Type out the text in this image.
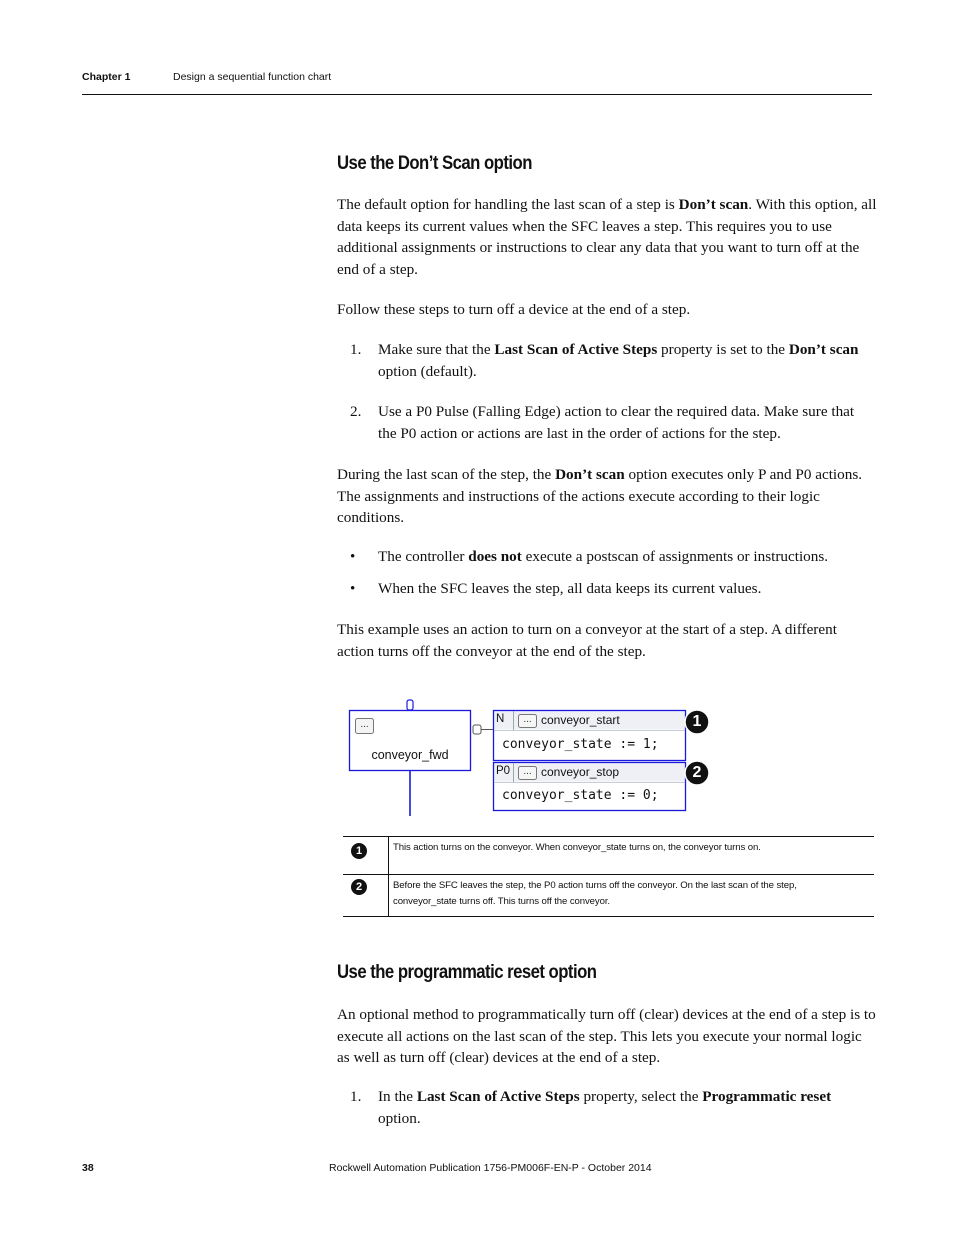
Chapter 1	Design a sequential function chart
Use the Don’t Scan option
The default option for handling the last scan of a step is Don’t scan. With this option, all data keeps its current values when the SFC leaves a step. This requires you to use additional assignments or instructions to clear any data that you want to turn off at the end of a step.
Follow these steps to turn off a device at the end of a step.
1. Make sure that the Last Scan of Active Steps property is set to the Don’t scan option (default).
2. Use a P0 Pulse (Falling Edge) action to clear the required data. Make sure that the P0 action or actions are last in the order of actions for the step.
During the last scan of the step, the Don’t scan option executes only P and P0 actions. The assignments and instructions of the actions execute according to their logic conditions.
• The controller does not execute a postscan of assignments or instructions.
• When the SFC leaves the step, all data keeps its current values.
This example uses an action to turn on a conveyor at the start of a step. A different action turns off the conveyor at the end of the step.
...
conveyor_fwd
N	... conveyor_start
conveyor_state := 1;
P0	... conveyor_stop
conveyor_state := 0;
1
2
1	This action turns on the conveyor. When conveyor_state turns on, the conveyor turns on.
2	Before the SFC leaves the step, the P0 action turns off the conveyor. On the last scan of the step,
conveyor_state turns off. This turns off the conveyor.
Use the programmatic reset option
An optional method to programmatically turn off (clear) devices at the end of a step is to execute all actions on the last scan of the step. This lets you execute your normal logic as well as turn off (clear) devices at the end of a step.
1. In the Last Scan of Active Steps property, select the Programmatic reset option.
38	Rockwell Automation Publication 1756-PM006F-EN-P - October 2014
